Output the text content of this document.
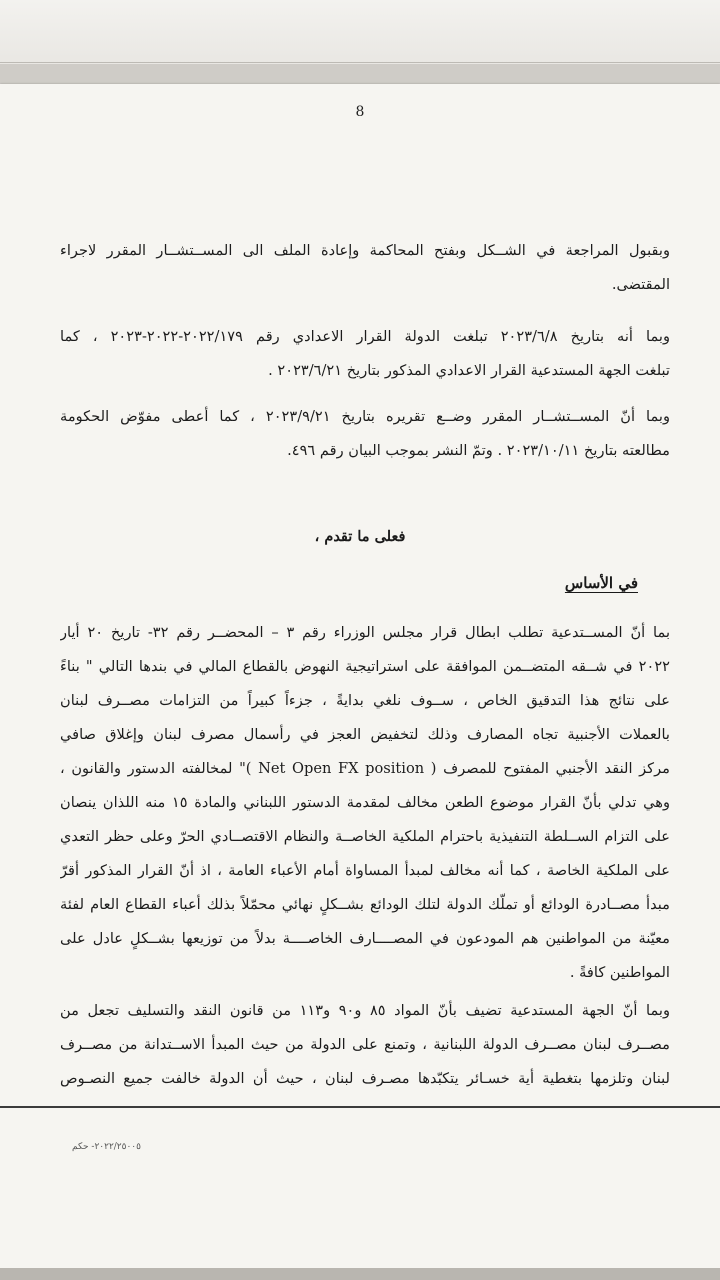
8
وبقبول المراجعة في الشــكل وبفتح المحاكمة وإعادة الملف الى المســتشــار المقرر لاجراء
المقتضى.
وبما أنه بتاريخ ٢٠٢٣/٦/٨ تبلغت الدولة القرار الاعدادي رقم ٢٠٢٢/١٧٩-٢٠٢٢-٢٠٢٣ ، كما
تبلغت الجهة المستدعية القرار الاعدادي المذكور بتاريخ ٢٠٢٣/٦/٢١ .
وبما أنّ المســتشــار المقرر وضــع تقريره بتاريخ ٢٠٢٣/٩/٢١ ، كما أعطى مفوّض الحكومة
مطالعته بتاريخ ٢٠٢٣/١٠/١١ . وتمّ النشر بموجب البيان رقم ٤٩٦.
فعلى ما تقدم ،
في الأساس
بما أنّ المســتدعية تطلب ابطال قرار مجلس الوزراء رقم ٣ – المحضــر رقم ٣٢- تاريخ ٢٠ أيار
٢٠٢٢ في شــقه المتضــمن الموافقة على استراتيجية النهوض بالقطاع المالي في بندها التالي " بناءً
على نتائج هذا التدقيق الخاص ، ســوف نلغي بدايةً ، جزءاً كبيراً من التزامات مصــرف لبنان
بالعملات الأجنبية تجاه المصارف وذلك لتخفيض العجز في رأسمال مصرف لبنان وإغلاق صافي
مركز النقد الأجنبي المفتوح للمصرف ( Net Open FX position )" لمخالفته الدستور والقانون ،
وهي تدلي بأنّ القرار موضوع الطعن مخالف لمقدمة الدستور اللبناني والمادة ١٥ منه اللذان ينصان
على التزام الســلطة التنفيذية باحترام الملكية الخاصــة والنظام الاقتصــادي الحرّ وعلى حظر التعدي
على الملكية الخاصة ، كما أنه مخالف لمبدأ المساواة أمام الأعباء العامة ، اذ أنّ القرار المذكور أقرّ
مبدأ مصــادرة الودائع أو تملّك الدولة لتلك الودائع بشــكلٍ نهائي محمّلاً بذلك أعباء القطاع العام لفئة
معيّنة من المواطنين هم المودعون في المصــــارف الخاصــــة بدلاً من توزيعها بشــكلٍ عادل على
المواطنين كافةً .
وبما أنّ الجهة المستدعية تضيف بأنّ المواد ٨٥ و٩٠ و١١٣ من قانون النقد والتسليف تجعل من
مصــرف لبنان مصــرف الدولة اللبنانية ، وتمنع على الدولة من حيث المبدأ الاســتدانة من مصــرف
لبنان وتلزمها بتغطية أية خسـائر يتكبّدها مصـرف لبنان ، حيث أن الدولة خالفت جميع النصـوص
٢٠٢٢/٢٥٠٠٥- حكم
